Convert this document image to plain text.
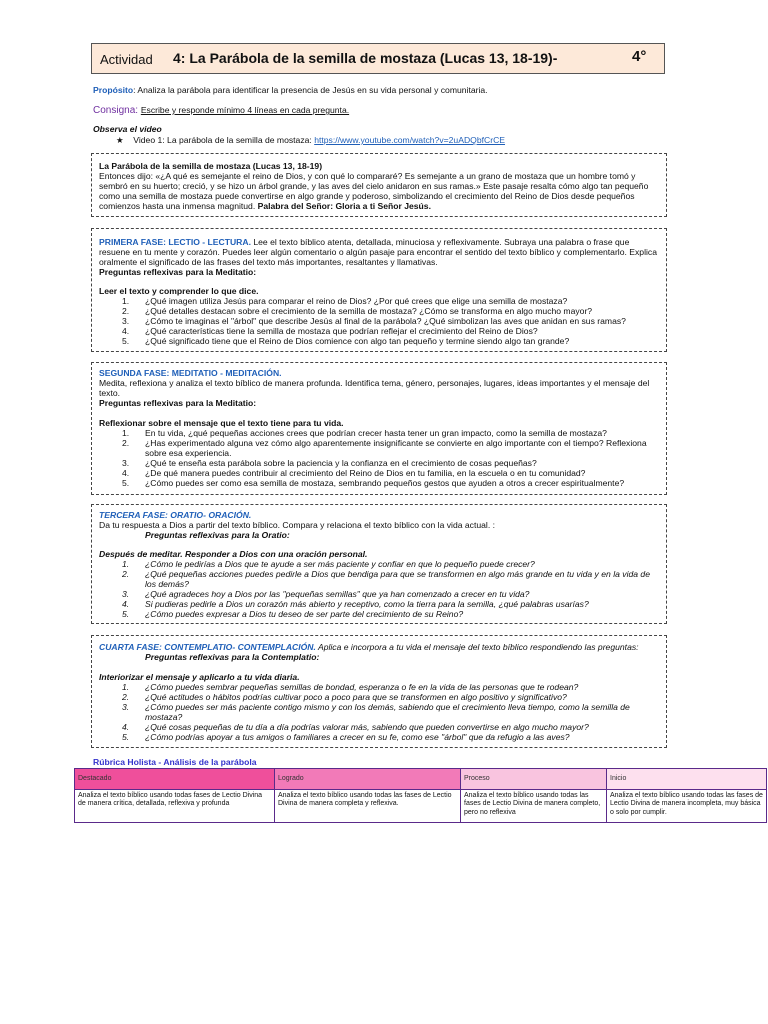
Actividad 4: La Parábola de la semilla de mostaza (Lucas 13, 18-19)-	4°
Propósito: Analiza la parábola para identificar la presencia de Jesús en su vida personal y comunitaria.
Consigna: Escribe y responde mínimo 4 líneas en cada pregunta.
Observa el video
★ Video 1: La parábola de la semilla de mostaza: https://www.youtube.com/watch?v=2uADQbfCrCE
La Parábola de la semilla de mostaza (Lucas 13, 18-19)
Entonces dijo: «¿A qué es semejante el reino de Dios, y con qué lo compararé? Es semejante a un grano de mostaza que un hombre tomó y
sembró en su huerto; creció, y se hizo un árbol grande, y las aves del cielo anidaron en sus ramas.» Este pasaje resalta cómo algo tan pequeño
como una semilla de mostaza puede convertirse en algo grande y poderoso, simbolizando el crecimiento del Reino de Dios desde pequeños
comienzos hasta una inmensa magnitud. Palabra del Señor: Gloria a ti Señor Jesús.
PRIMERA FASE: LECTIO - LECTURA. Lee el texto bíblico atenta, detallada, minuciosa y reflexivamente. Subraya una palabra o frase que
resuene en tu mente y corazón. Puedes leer algún comentario o algún pasaje para encontrar el sentido del texto bíblico y complementarlo. Explica
oralmente el significado de las frases del texto más importantes, resaltantes y llamativas.
Preguntas reflexivas para la Meditatio:
Leer el texto y comprender lo que dice.
1. ¿Qué imagen utiliza Jesús para comparar el reino de Dios? ¿Por qué crees que elige una semilla de mostaza?
2. ¿Qué detalles destacan sobre el crecimiento de la semilla de mostaza? ¿Cómo se transforma en algo mucho mayor?
3. ¿Cómo te imaginas el "árbol" que describe Jesús al final de la parábola? ¿Qué simbolizan las aves que anidan en sus ramas?
4. ¿Qué características tiene la semilla de mostaza que podrían reflejar el crecimiento del Reino de Dios?
5. ¿Qué significado tiene que el Reino de Dios comience con algo tan pequeño y termine siendo algo tan grande?
SEGUNDA FASE: MEDITATIO - MEDITACIÓN.
Medita, reflexiona y analiza el texto bíblico de manera profunda. Identifica tema, género, personajes, lugares, ideas importantes y el mensaje del
texto.
Preguntas reflexivas para la Meditatio:
Reflexionar sobre el mensaje que el texto tiene para tu vida.
1. En tu vida, ¿qué pequeñas acciones crees que podrían crecer hasta tener un gran impacto, como la semilla de mostaza?
2. ¿Has experimentado alguna vez cómo algo aparentemente insignificante se convierte en algo importante con el tiempo? Reflexiona
sobre esa experiencia.
3. ¿Qué te enseña esta parábola sobre la paciencia y la confianza en el crecimiento de cosas pequeñas?
4. ¿De qué manera puedes contribuir al crecimiento del Reino de Dios en tu familia, en la escuela o en tu comunidad?
5. ¿Cómo puedes ser como esa semilla de mostaza, sembrando pequeños gestos que ayuden a otros a crecer espiritualmente?
TERCERA FASE: ORATIO- ORACIÓN.
Da tu respuesta a Dios a partir del texto bíblico. Compara y relaciona el texto bíblico con la vida actual. :
Preguntas reflexivas para la Oratio:
Después de meditar. Responder a Dios con una oración personal.
1. ¿Cómo le pedirías a Dios que te ayude a ser más paciente y confiar en que lo pequeño puede crecer?
2. ¿Qué pequeñas acciones puedes pedirle a Dios que bendiga para que se transformen en algo más grande en tu vida y en la vida de
los demás?
3. ¿Qué agradeces hoy a Dios por las "pequeñas semillas" que ya han comenzado a crecer en tu vida?
4. Si pudieras pedirle a Dios un corazón más abierto y receptivo, como la tierra para la semilla, ¿qué palabras usarías?
5. ¿Cómo puedes expresar a Dios tu deseo de ser parte del crecimiento de su Reino?
CUARTA FASE: CONTEMPLATIO- CONTEMPLACIÓN. Aplica e incorpora a tu vida el mensaje del texto bíblico respondiendo las preguntas:
Preguntas reflexivas para la Contemplatio:
Interiorizar el mensaje y aplicarlo a tu vida diaria.
1. ¿Cómo puedes sembrar pequeñas semillas de bondad, esperanza o fe en la vida de las personas que te rodean?
2. ¿Qué actitudes o hábitos podrías cultivar poco a poco para que se transformen en algo positivo y significativo?
3. ¿Cómo puedes ser más paciente contigo mismo y con los demás, sabiendo que el crecimiento lleva tiempo, como la semilla de
mostaza?
4. ¿Qué cosas pequeñas de tu día a día podrías valorar más, sabiendo que pueden convertirse en algo mucho mayor?
5. ¿Cómo podrías apoyar a tus amigos o familiares a crecer en su fe, como ese "árbol" que da refugio a las aves?
Rúbrica Holista - Análisis de la parábola
Destacado	Logrado	Proceso	Inicio
Analiza el texto bíblico usando todas fases de Lectio Divina de manera crítica, detallada, reflexiva y profunda	Analiza el texto bíblico usando todas las fases de Lectio Divina de manera completa y reflexiva.	Analiza el texto bíblico usando todas las fases de Lectio Divina de manera completo, pero no reflexiva	Analiza el texto bíblico usando todas las fases de Lectio Divina de manera incompleta, muy básica o solo por cumplir.
